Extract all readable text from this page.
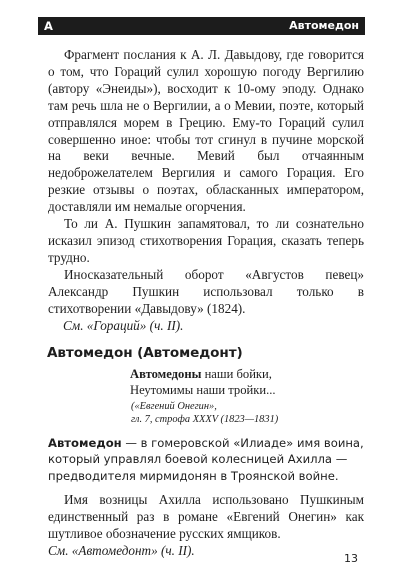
А	Автомедон

Фрагмент послания к А. Л. Давыдову, где говорится о том, что Гораций сулил хорошую погоду Вергилию (автору «Энеиды»), восходит к 10-ому эподу. Однако там речь шла не о Вергилии, а о Мевии, поэте, который отправлялся морем в Грецию. Ему-то Гораций сулил совершенно иное: чтобы тот сгинул в пучине морской на веки вечные. Мевий был отчаянным недоброжелателем Вергилия и самого Горация. Его резкие отзывы о поэтах, обласканных императором, доставляли им немалые огорчения.

То ли А. Пушкин запамятовал, то ли сознательно исказил эпизод стихотворения Горация, сказать теперь трудно.

Иносказательный оборот «Августов певец» Александр Пушкин использовал только в стихотворении «Давыдову» (1824).

См. «Гораций» (ч. II).
Автомедон (Автомедонт)
Автомедоны наши бойки,
Неутомимы наши тройки...
Автомедон — в гомеровской «Илиаде» имя воина, который управлял боевой колесницей Ахилла — предводителя мирмидонян в Троянской войне.

Имя возницы Ахилла использовано Пушкиным единственный раз в романе «Евгений Онегин» как шутливое обозначение русских ямщиков.

См. «Автомедонт» (ч. II).
13
(«Евгений Онегин»,
гл. 7, строфа XXXV (1823—1831)
